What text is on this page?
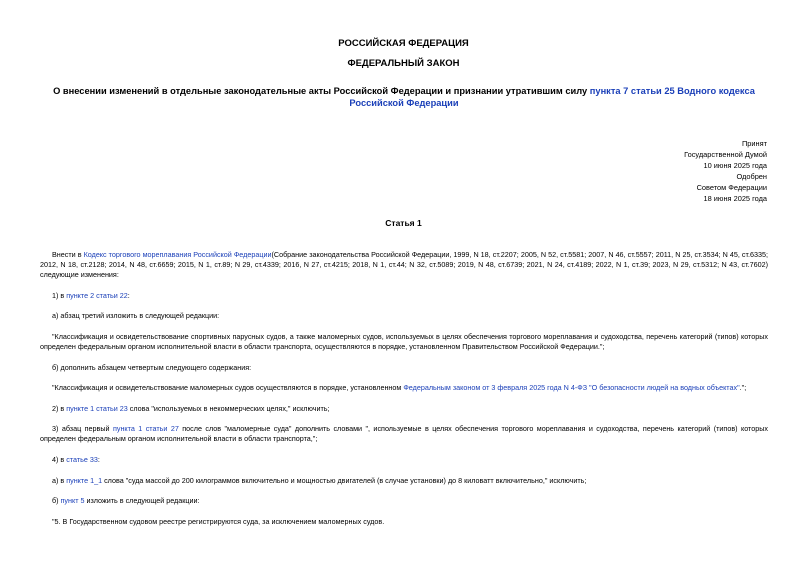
РОССИЙСКАЯ ФЕДЕРАЦИЯ
ФЕДЕРАЛЬНЫЙ ЗАКОН
О внесении изменений в отдельные законодательные акты Российской Федерации и признании утратившим силу пункта 7 статьи 25 Водного кодекса Российской Федерации
Принят
Государственной Думой
10 июня 2025 года
Одобрен
Советом Федерации
18 июня 2025 года
Статья 1
Внести в Кодекс торгового мореплавания Российской Федерации(Собрание законодательства Российской Федерации, 1999, N 18, ст.2207; 2005, N 52, ст.5581; 2007, N 46, ст.5557; 2011, N 25, ст.3534; N 45, ст.6335; 2012, N 18, ст.2128; 2014, N 48, ст.6659; 2015, N 1, ст.89; N 29, ст.4339; 2016, N 27, ст.4215; 2018, N 1, ст.44; N 32, ст.5089; 2019, N 48, ст.6739; 2021, N 24, ст.4189; 2022, N 1, ст.39; 2023, N 29, ст.5312; N 43, ст.7602) следующие изменения:
1) в пункте 2 статьи 22:
а) абзац третий изложить в следующей редакции:
"Классификация и освидетельствование спортивных парусных судов, а также маломерных судов, используемых в целях обеспечения торгового мореплавания и судоходства, перечень категорий (типов) которых определен федеральным органом исполнительной власти в области транспорта, осуществляются в порядке, установленном Правительством Российской Федерации.";
б) дополнить абзацем четвертым следующего содержания:
"Классификация и освидетельствование маломерных судов осуществляются в порядке, установленном Федеральным законом от 3 февраля 2025 года N 4-ФЗ "О безопасности людей на водных объектах".";
2) в пункте 1 статьи 23 слова "используемых в некоммерческих целях," исключить;
3) абзац первый пункта 1 статьи 27 после слов "маломерные суда" дополнить словами ", используемые в целях обеспечения торгового мореплавания и судоходства, перечень категорий (типов) которых определен федеральным органом исполнительной власти в области транспорта,";
4) в статье 33:
а) в пункте 1_1 слова "суда массой до 200 килограммов включительно и мощностью двигателей (в случае установки) до 8 киловатт включительно," исключить;
б) пункт 5 изложить в следующей редакции:
"5. В Государственном судовом реестре регистрируются суда, за исключением маломерных судов.
